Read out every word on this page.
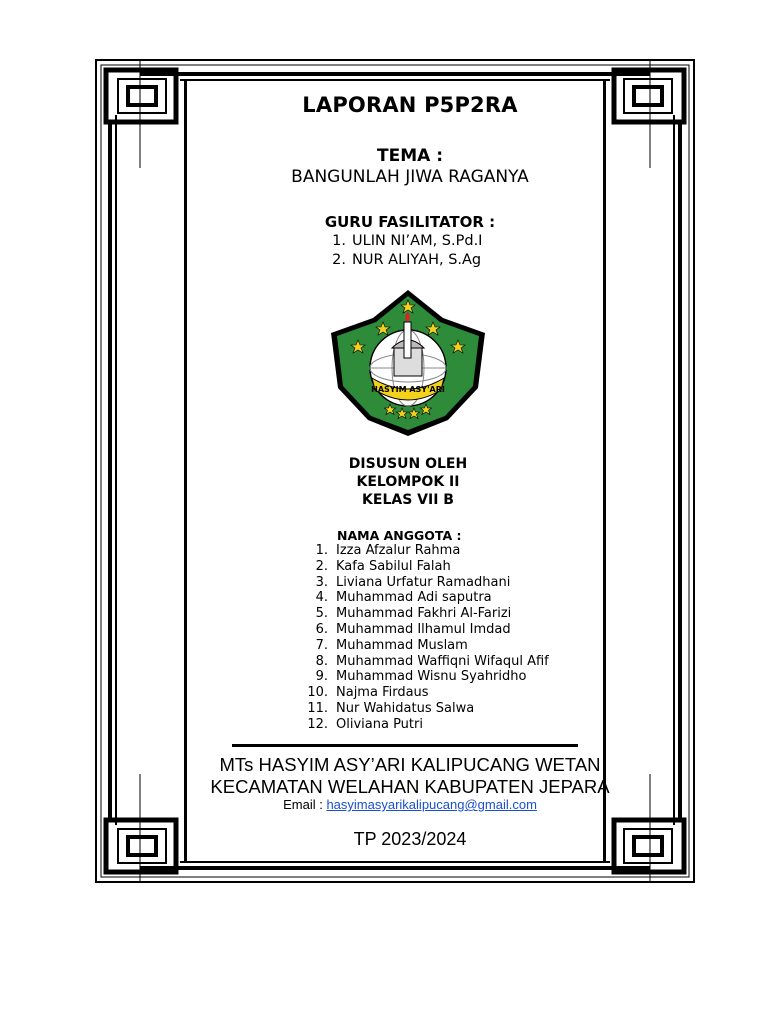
LAPORAN P5P2RA
TEMA :
BANGUNLAH JIWA RAGANYA
GURU FASILITATOR :
1. ULIN NI’AM, S.Pd.I
2. NUR ALIYAH, S.Ag
HASYIM ASY'ARI
DISUSUN OLEH
KELOMPOK II
KELAS VII B
NAMA ANGGOTA :
1. Izza Afzalur Rahma
2. Kafa Sabilul Falah
3. Liviana Urfatur Ramadhani
4. Muhammad Adi saputra
5. Muhammad Fakhri Al-Farizi
6. Muhammad Ilhamul Imdad
7. Muhammad Muslam
8. Muhammad Waffiqni Wifaqul Afif
9. Muhammad Wisnu Syahridho
10. Najma Firdaus
11. Nur Wahidatus Salwa
12. Oliviana Putri
MTs HASYIM ASY’ARI KALIPUCANG WETAN
KECAMATAN WELAHAN KABUPATEN JEPARA
Email : hasyimasyarikalipucang@gmail.com
TP 2023/2024
